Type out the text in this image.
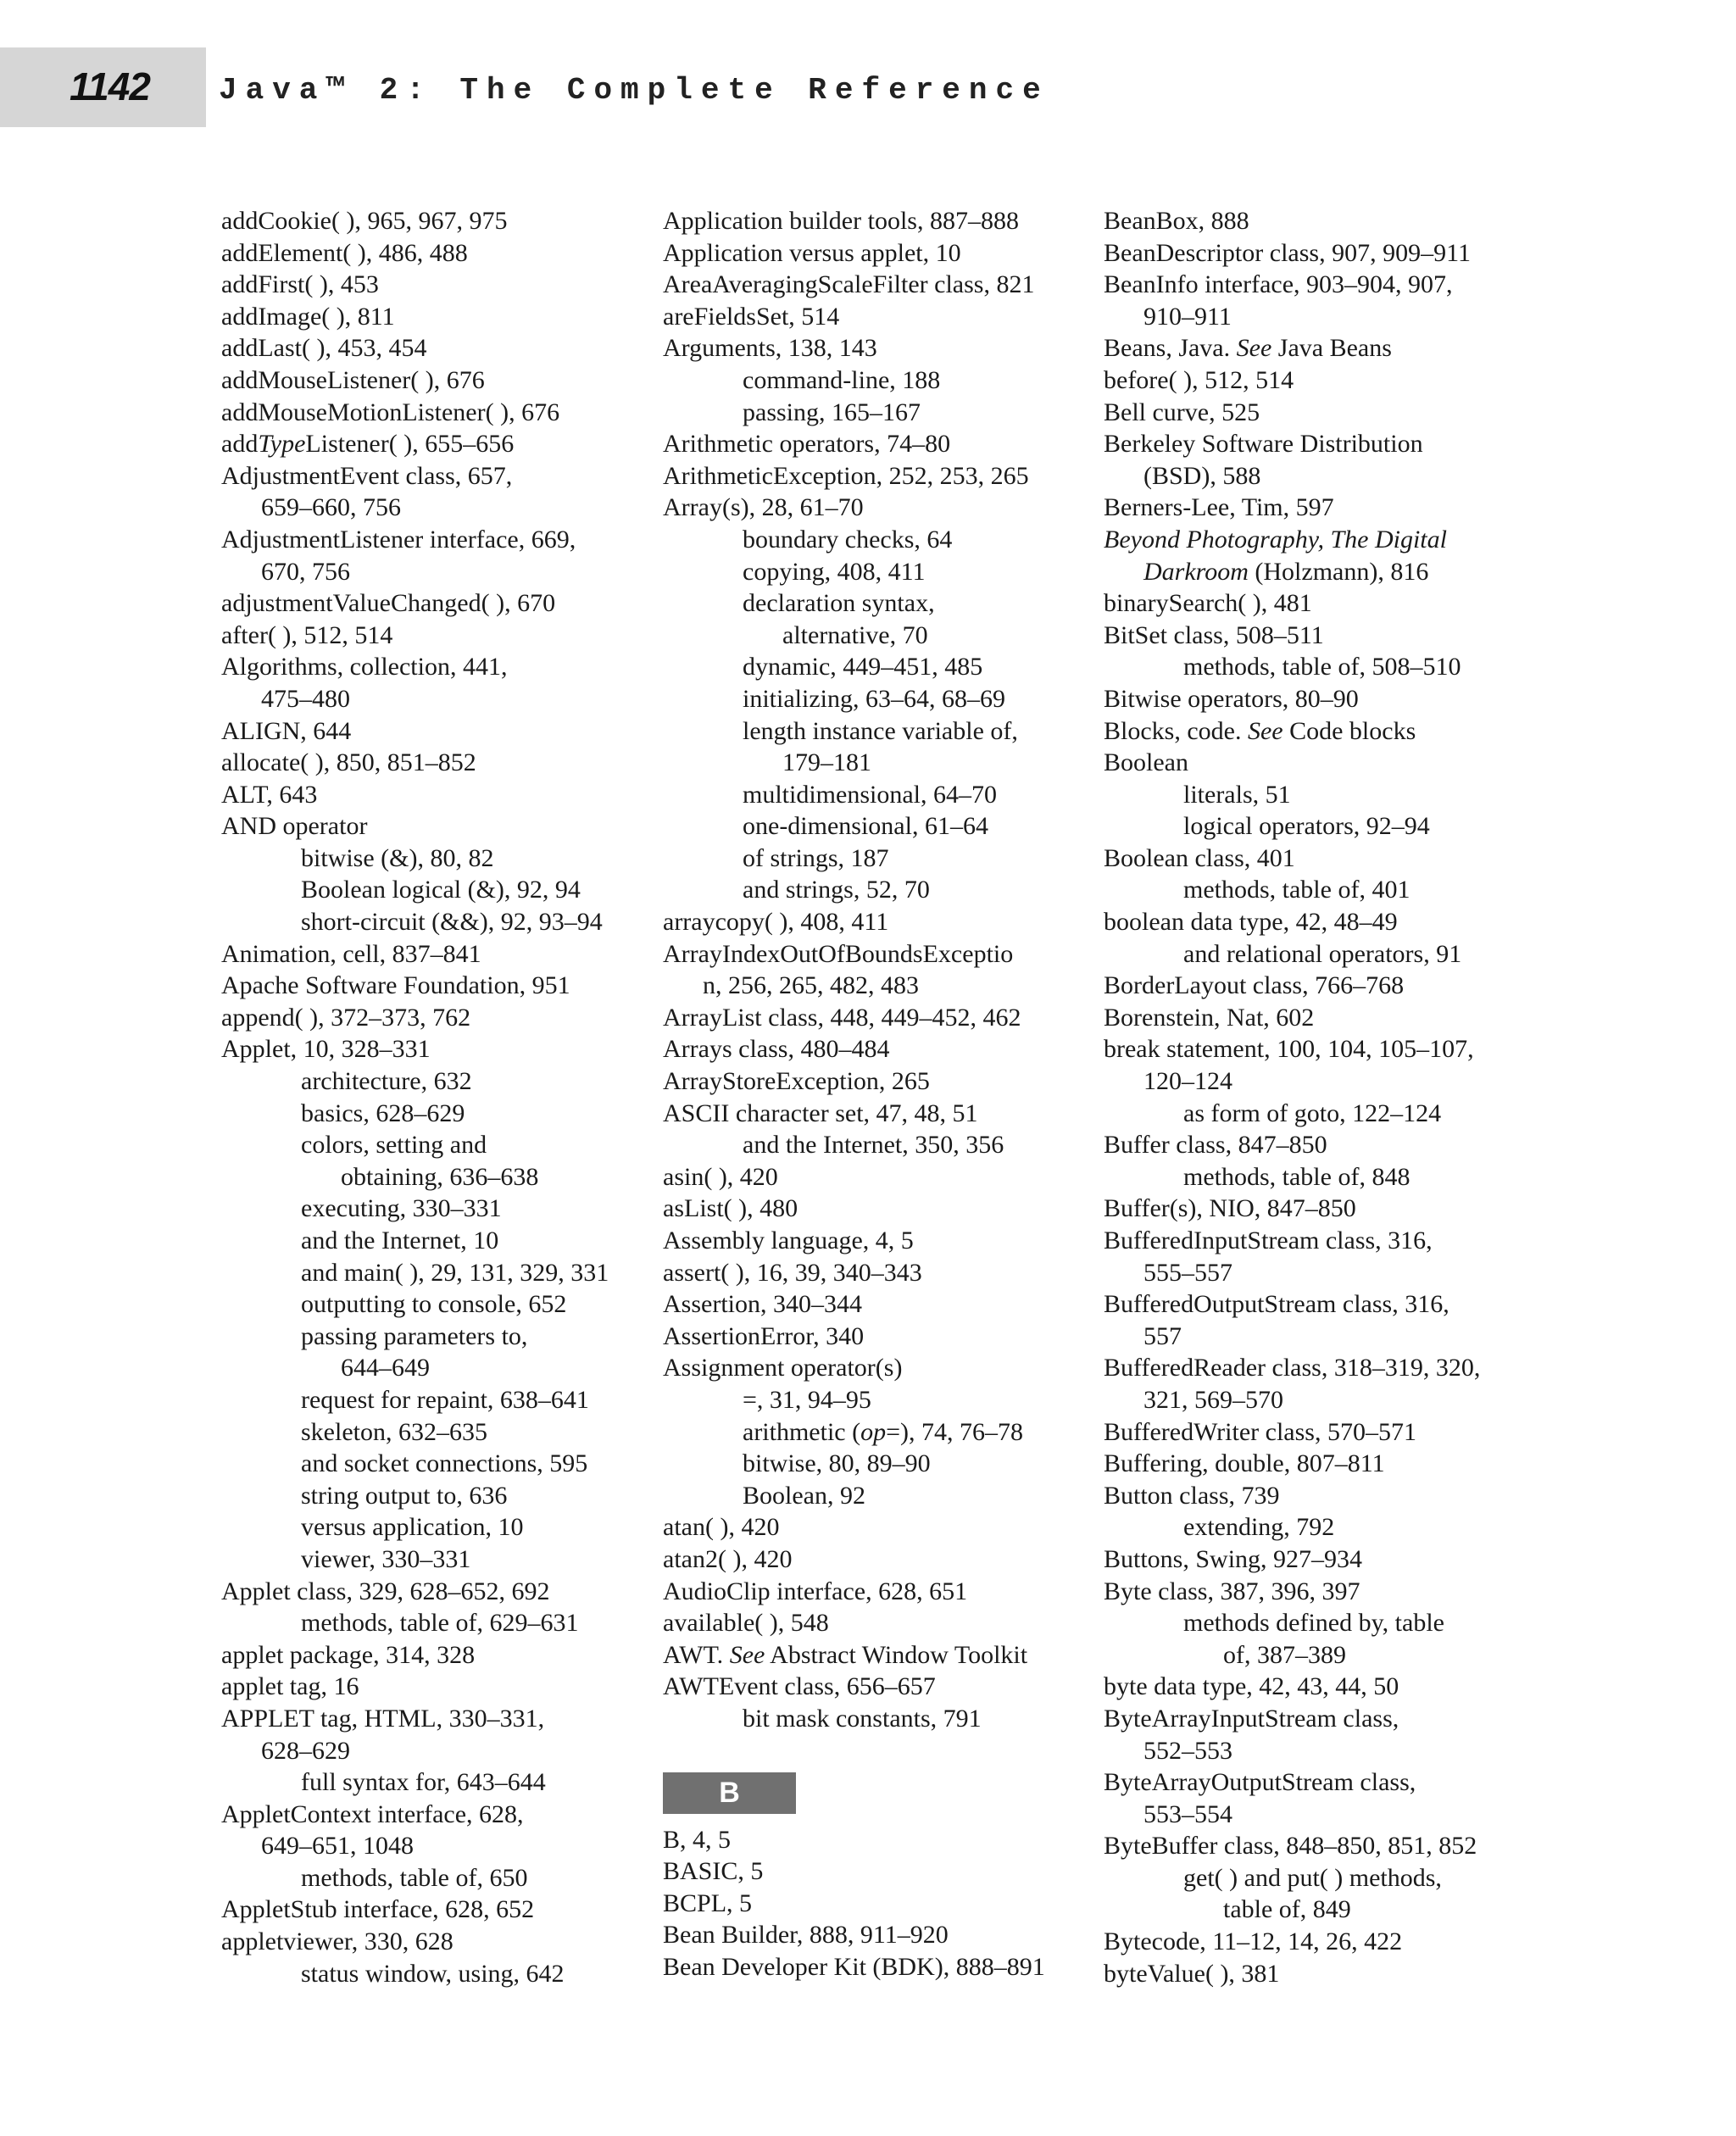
1142 Java™ 2: The Complete Reference
addCookie( ), 965, 967, 975
addElement( ), 486, 488
addFirst( ), 453
addImage( ), 811
addLast( ), 453, 454
addMouseListener( ), 676
addMouseMotionListener( ), 676
addTypeListener( ), 655–656
AdjustmentEvent class, 657,
659–660, 756
AdjustmentListener interface, 669,
670, 756
adjustmentValueChanged( ), 670
after( ), 512, 514
Algorithms, collection, 441,
475–480
ALIGN, 644
allocate( ), 850, 851–852
ALT, 643
AND operator
bitwise (&), 80, 82
Boolean logical (&), 92, 94
short-circuit (&&), 92, 93–94
Animation, cell, 837–841
Apache Software Foundation, 951
append( ), 372–373, 762
Applet, 10, 328–331
architecture, 632
basics, 628–629
colors, setting and
obtaining, 636–638
executing, 330–331
and the Internet, 10
and main( ), 29, 131, 329, 331
outputting to console, 652
passing parameters to,
644–649
request for repaint, 638–641
skeleton, 632–635
and socket connections, 595
string output to, 636
versus application, 10
viewer, 330–331
Applet class, 329, 628–652, 692
methods, table of, 629–631
applet package, 314, 328
applet tag, 16
APPLET tag, HTML, 330–331,
628–629
full syntax for, 643–644
AppletContext interface, 628,
649–651, 1048
methods, table of, 650
AppletStub interface, 628, 652
appletviewer, 330, 628
status window, using, 642
Application builder tools, 887–888
Application versus applet, 10
AreaAveragingScaleFilter class, 821
areFieldsSet, 514
Arguments, 138, 143
command-line, 188
passing, 165–167
Arithmetic operators, 74–80
ArithmeticException, 252, 253, 265
Array(s), 28, 61–70
boundary checks, 64
copying, 408, 411
declaration syntax,
alternative, 70
dynamic, 449–451, 485
initializing, 63–64, 68–69
length instance variable of,
179–181
multidimensional, 64–70
one-dimensional, 61–64
of strings, 187
and strings, 52, 70
arraycopy( ), 408, 411
ArrayIndexOutOfBoundsExceptio
n, 256, 265, 482, 483
ArrayList class, 448, 449–452, 462
Arrays class, 480–484
ArrayStoreException, 265
ASCII character set, 47, 48, 51
and the Internet, 350, 356
asin( ), 420
asList( ), 480
Assembly language, 4, 5
assert( ), 16, 39, 340–343
Assertion, 340–344
AssertionError, 340
Assignment operator(s)
=, 31, 94–95
arithmetic (op=), 74, 76–78
bitwise, 80, 89–90
Boolean, 92
atan( ), 420
atan2( ), 420
AudioClip interface, 628, 651
available( ), 548
AWT. See Abstract Window Toolkit
AWTEvent class, 656–657
bit mask constants, 791
B
B, 4, 5
BASIC, 5
BCPL, 5
Bean Builder, 888, 911–920
Bean Developer Kit (BDK), 888–891
BeanBox, 888
BeanDescriptor class, 907, 909–911
BeanInfo interface, 903–904, 907,
910–911
Beans, Java. See Java Beans
before( ), 512, 514
Bell curve, 525
Berkeley Software Distribution
(BSD), 588
Berners-Lee, Tim, 597
Beyond Photography, The Digital
Darkroom (Holzmann), 816
binarySearch( ), 481
BitSet class, 508–511
methods, table of, 508–510
Bitwise operators, 80–90
Blocks, code. See Code blocks
Boolean
literals, 51
logical operators, 92–94
Boolean class, 401
methods, table of, 401
boolean data type, 42, 48–49
and relational operators, 91
BorderLayout class, 766–768
Borenstein, Nat, 602
break statement, 100, 104, 105–107,
120–124
as form of goto, 122–124
Buffer class, 847–850
methods, table of, 848
Buffer(s), NIO, 847–850
BufferedInputStream class, 316,
555–557
BufferedOutputStream class, 316,
557
BufferedReader class, 318–319, 320,
321, 569–570
BufferedWriter class, 570–571
Buffering, double, 807–811
Button class, 739
extending, 792
Buttons, Swing, 927–934
Byte class, 387, 396, 397
methods defined by, table
of, 387–389
byte data type, 42, 43, 44, 50
ByteArrayInputStream class,
552–553
ByteArrayOutputStream class,
553–554
ByteBuffer class, 848–850, 851, 852
get( ) and put( ) methods,
table of, 849
Bytecode, 11–12, 14, 26, 422
byteValue( ), 381
